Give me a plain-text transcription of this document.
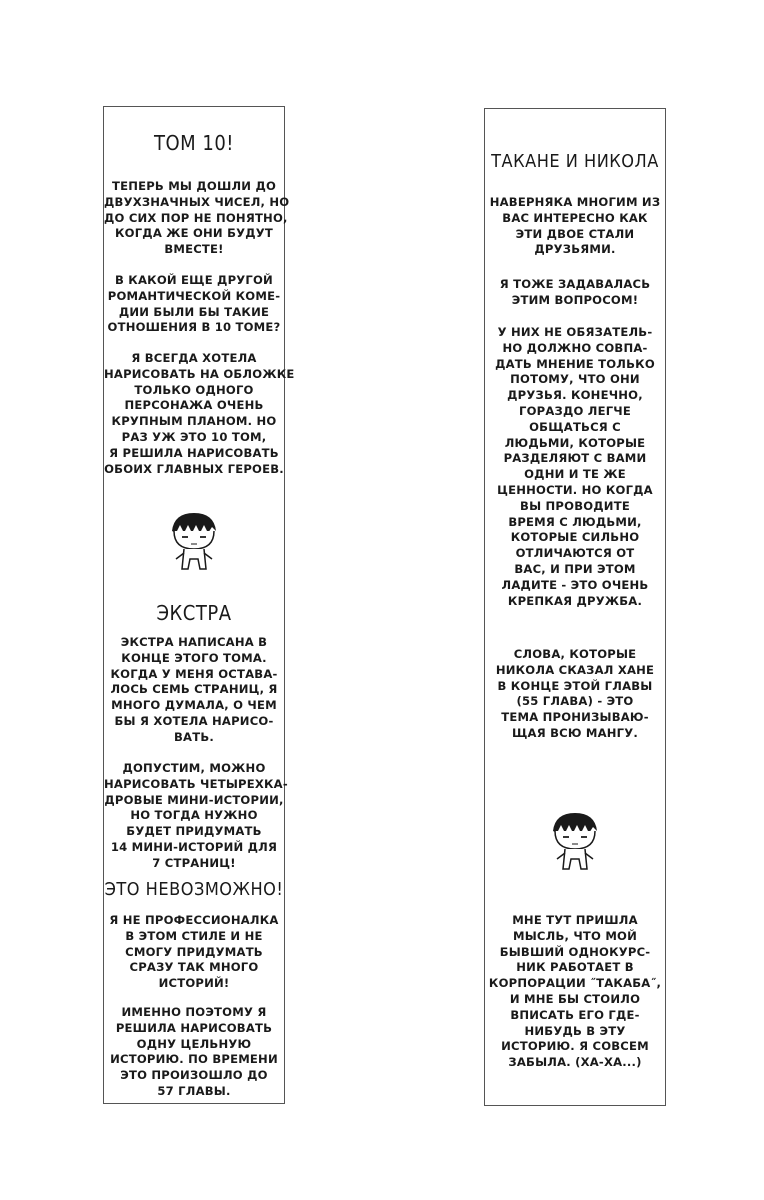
ТОМ 10!

ТЕПЕРЬ МЫ ДОШЛИ ДО
ДВУХЗНАЧНЫХ ЧИСЕЛ, НО
ДО СИХ ПОР НЕ ПОНЯТНО,
КОГДА ЖЕ ОНИ БУДУТ
ВМЕСТЕ!

В КАКОЙ ЕЩЕ ДРУГОЙ
РОМАНТИЧЕСКОЙ КОМЕ-
ДИИ БЫЛИ БЫ ТАКИЕ
ОТНОШЕНИЯ В 10 ТОМЕ?

Я ВСЕГДА ХОТЕЛА
НАРИСОВАТЬ НА ОБЛОЖКЕ
ТОЛЬКО ОДНОГО
ПЕРСОНАЖА ОЧЕНЬ
КРУПНЫМ ПЛАНОМ. НО
РАЗ УЖ ЭТО 10 ТОМ,
Я РЕШИЛА НАРИСОВАТЬ
ОБОИХ ГЛАВНЫХ ГЕРОЕВ.

ЭКСТРА

ЭКСТРА НАПИСАНА В
КОНЦЕ ЭТОГО ТОМА.
КОГДА У МЕНЯ ОСТАВА-
ЛОСЬ СЕМЬ СТРАНИЦ, Я
МНОГО ДУМАЛА, О ЧЕМ
БЫ Я ХОТЕЛА НАРИСО-
ВАТЬ.

ДОПУСТИМ, МОЖНО
НАРИСОВАТЬ ЧЕТЫРЕХКА-
ДРОВЫЕ МИНИ-ИСТОРИИ,
НО ТОГДА НУЖНО
БУДЕТ ПРИДУМАТЬ
14 МИНИ-ИСТОРИЙ ДЛЯ
7 СТРАНИЦ!

ЭТО НЕВОЗМОЖНО!

Я НЕ ПРОФЕССИОНАЛКА
В ЭТОМ СТИЛЕ И НЕ
СМОГУ ПРИДУМАТЬ
СРАЗУ ТАК МНОГО
ИСТОРИЙ!

ИМЕННО ПОЭТОМУ Я
РЕШИЛА НАРИСОВАТЬ
ОДНУ ЦЕЛЬНУЮ
ИСТОРИЮ. ПО ВРЕМЕНИ
ЭТО ПРОИЗОШЛО ДО
57 ГЛАВЫ.

ТАКАНЕ И НИКОЛА

НАВЕРНЯКА МНОГИМ ИЗ
ВАС ИНТЕРЕСНО КАК
ЭТИ ДВОЕ СТАЛИ
ДРУЗЬЯМИ.

Я ТОЖЕ ЗАДАВАЛАСЬ
ЭТИМ ВОПРОСОМ!

У НИХ НЕ ОБЯЗАТЕЛЬ-
НО ДОЛЖНО СОВПА-
ДАТЬ МНЕНИЕ ТОЛЬКО
ПОТОМУ, ЧТО ОНИ
ДРУЗЬЯ. КОНЕЧНО,
ГОРАЗДО ЛЕГЧЕ
ОБЩАТЬСЯ С
ЛЮДЬМИ, КОТОРЫЕ
РАЗДЕЛЯЮТ С ВАМИ
ОДНИ И ТЕ ЖЕ
ЦЕННОСТИ. НО КОГДА
ВЫ ПРОВОДИТЕ
ВРЕМЯ С ЛЮДЬМИ,
КОТОРЫЕ СИЛЬНО
ОТЛИЧАЮТСЯ ОТ
ВАС, И ПРИ ЭТОМ
ЛАДИТЕ - ЭТО ОЧЕНЬ
КРЕПКАЯ ДРУЖБА.

СЛОВА, КОТОРЫЕ
НИКОЛА СКАЗАЛ ХАНЕ
В КОНЦЕ ЭТОЙ ГЛАВЫ
(55 ГЛАВА) - ЭТО
ТЕМА ПРОНИЗЫВАЮ-
ЩАЯ ВСЮ МАНГУ.

МНЕ ТУТ ПРИШЛА
МЫСЛЬ, ЧТО МОЙ
БЫВШИЙ ОДНОКУРС-
НИК РАБОТАЕТ В
КОРПОРАЦИИ ˝ТАКАБА˝,
И МНЕ БЫ СТОИЛО
ВПИСАТЬ ЕГО ГДЕ-
НИБУДЬ В ЭТУ
ИСТОРИЮ. Я СОВСЕМ
ЗАБЫЛА. (ХА-ХА...)
